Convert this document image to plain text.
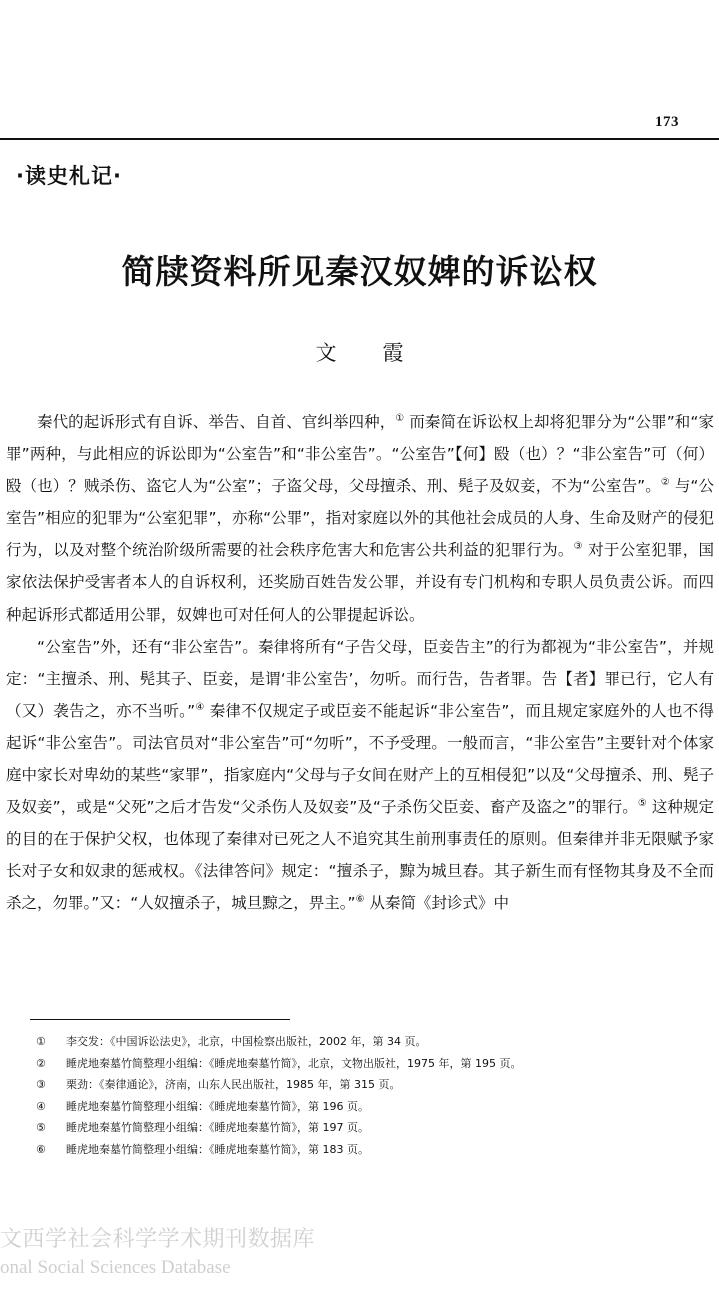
173
·读史札记·
简牍资料所见秦汉奴婢的诉讼权
文霞

秦代的起诉形式有自诉、举告、自首、官纠举四种，① 而秦简在诉讼权上却将犯罪分为“公罪”和“家罪”两种，与此相应的诉讼即为“公室告”和“非公室告”。“公室告”【何】殹（也）？“非公室告”可（何）殹（也）？贼杀伤、盗它人为“公室”；子盗父母，父母擅杀、刑、髡子及奴妾，不为“公室告”。② 与“公室告”相应的犯罪为“公室犯罪”，亦称“公罪”，指对家庭以外的其他社会成员的人身、生命及财产的侵犯行为，以及对整个统治阶级所需要的社会秩序危害大和危害公共利益的犯罪行为。③ 对于公室犯罪，国家依法保护受害者本人的自诉权利，还奖励百姓告发公罪，并设有专门机构和专职人员负责公诉。而四种起诉形式都适用公罪，奴婢也可对任何人的公罪提起诉讼。

“公室告”外，还有“非公室告”。秦律将所有“子告父母，臣妾告主”的行为都视为“非公室告”，并规定：“主擅杀、刑、髡其子、臣妾，是谓‘非公室告’，勿听。而行告，告者罪。告【者】罪已行，它人有（又）袭告之，亦不当听。”④ 秦律不仅规定子或臣妾不能起诉“非公室告”，而且规定家庭外的人也不得起诉“非公室告”。司法官员对“非公室告”可“勿听”，不予受理。一般而言，“非公室告”主要针对个体家庭中家长对卑幼的某些“家罪”，指家庭内“父母与子女间在财产上的互相侵犯”以及“父母擅杀、刑、髡子及奴妾”，或是“父死”之后才告发“父杀伤人及奴妾”及“子杀伤父臣妾、畜产及盗之”的罪行。⑤ 这种规定的目的在于保护父权，也体现了秦律对已死之人不追究其生前刑事责任的原则。但秦律并非无限赋予家长对子女和奴隶的惩戒权。《法律答问》规定：“擅杀子，黥为城旦舂。其子新生而有怪物其身及不全而杀之，勿罪。”又：“人奴擅杀子，城旦黥之，畀主。”⑥ 从秦简《封诊式》中

① 李交发：《中国诉讼法史》，北京，中国检察出版社，2002 年，第 34 页。
② 睡虎地秦墓竹简整理小组编：《睡虎地秦墓竹简》，北京，文物出版社，1975 年，第 195 页。
③ 栗劲：《秦律通论》，济南，山东人民出版社，1985 年，第 315 页。
④ 睡虎地秦墓竹简整理小组编：《睡虎地秦墓竹简》，第 196 页。
⑤ 睡虎地秦墓竹简整理小组编：《睡虎地秦墓竹简》，第 197 页。
⑥ 睡虎地秦墓竹简整理小组编：《睡虎地秦墓竹简》，第 183 页。
文西学社会科学学术期刊数据库
onal Social Sciences Database
